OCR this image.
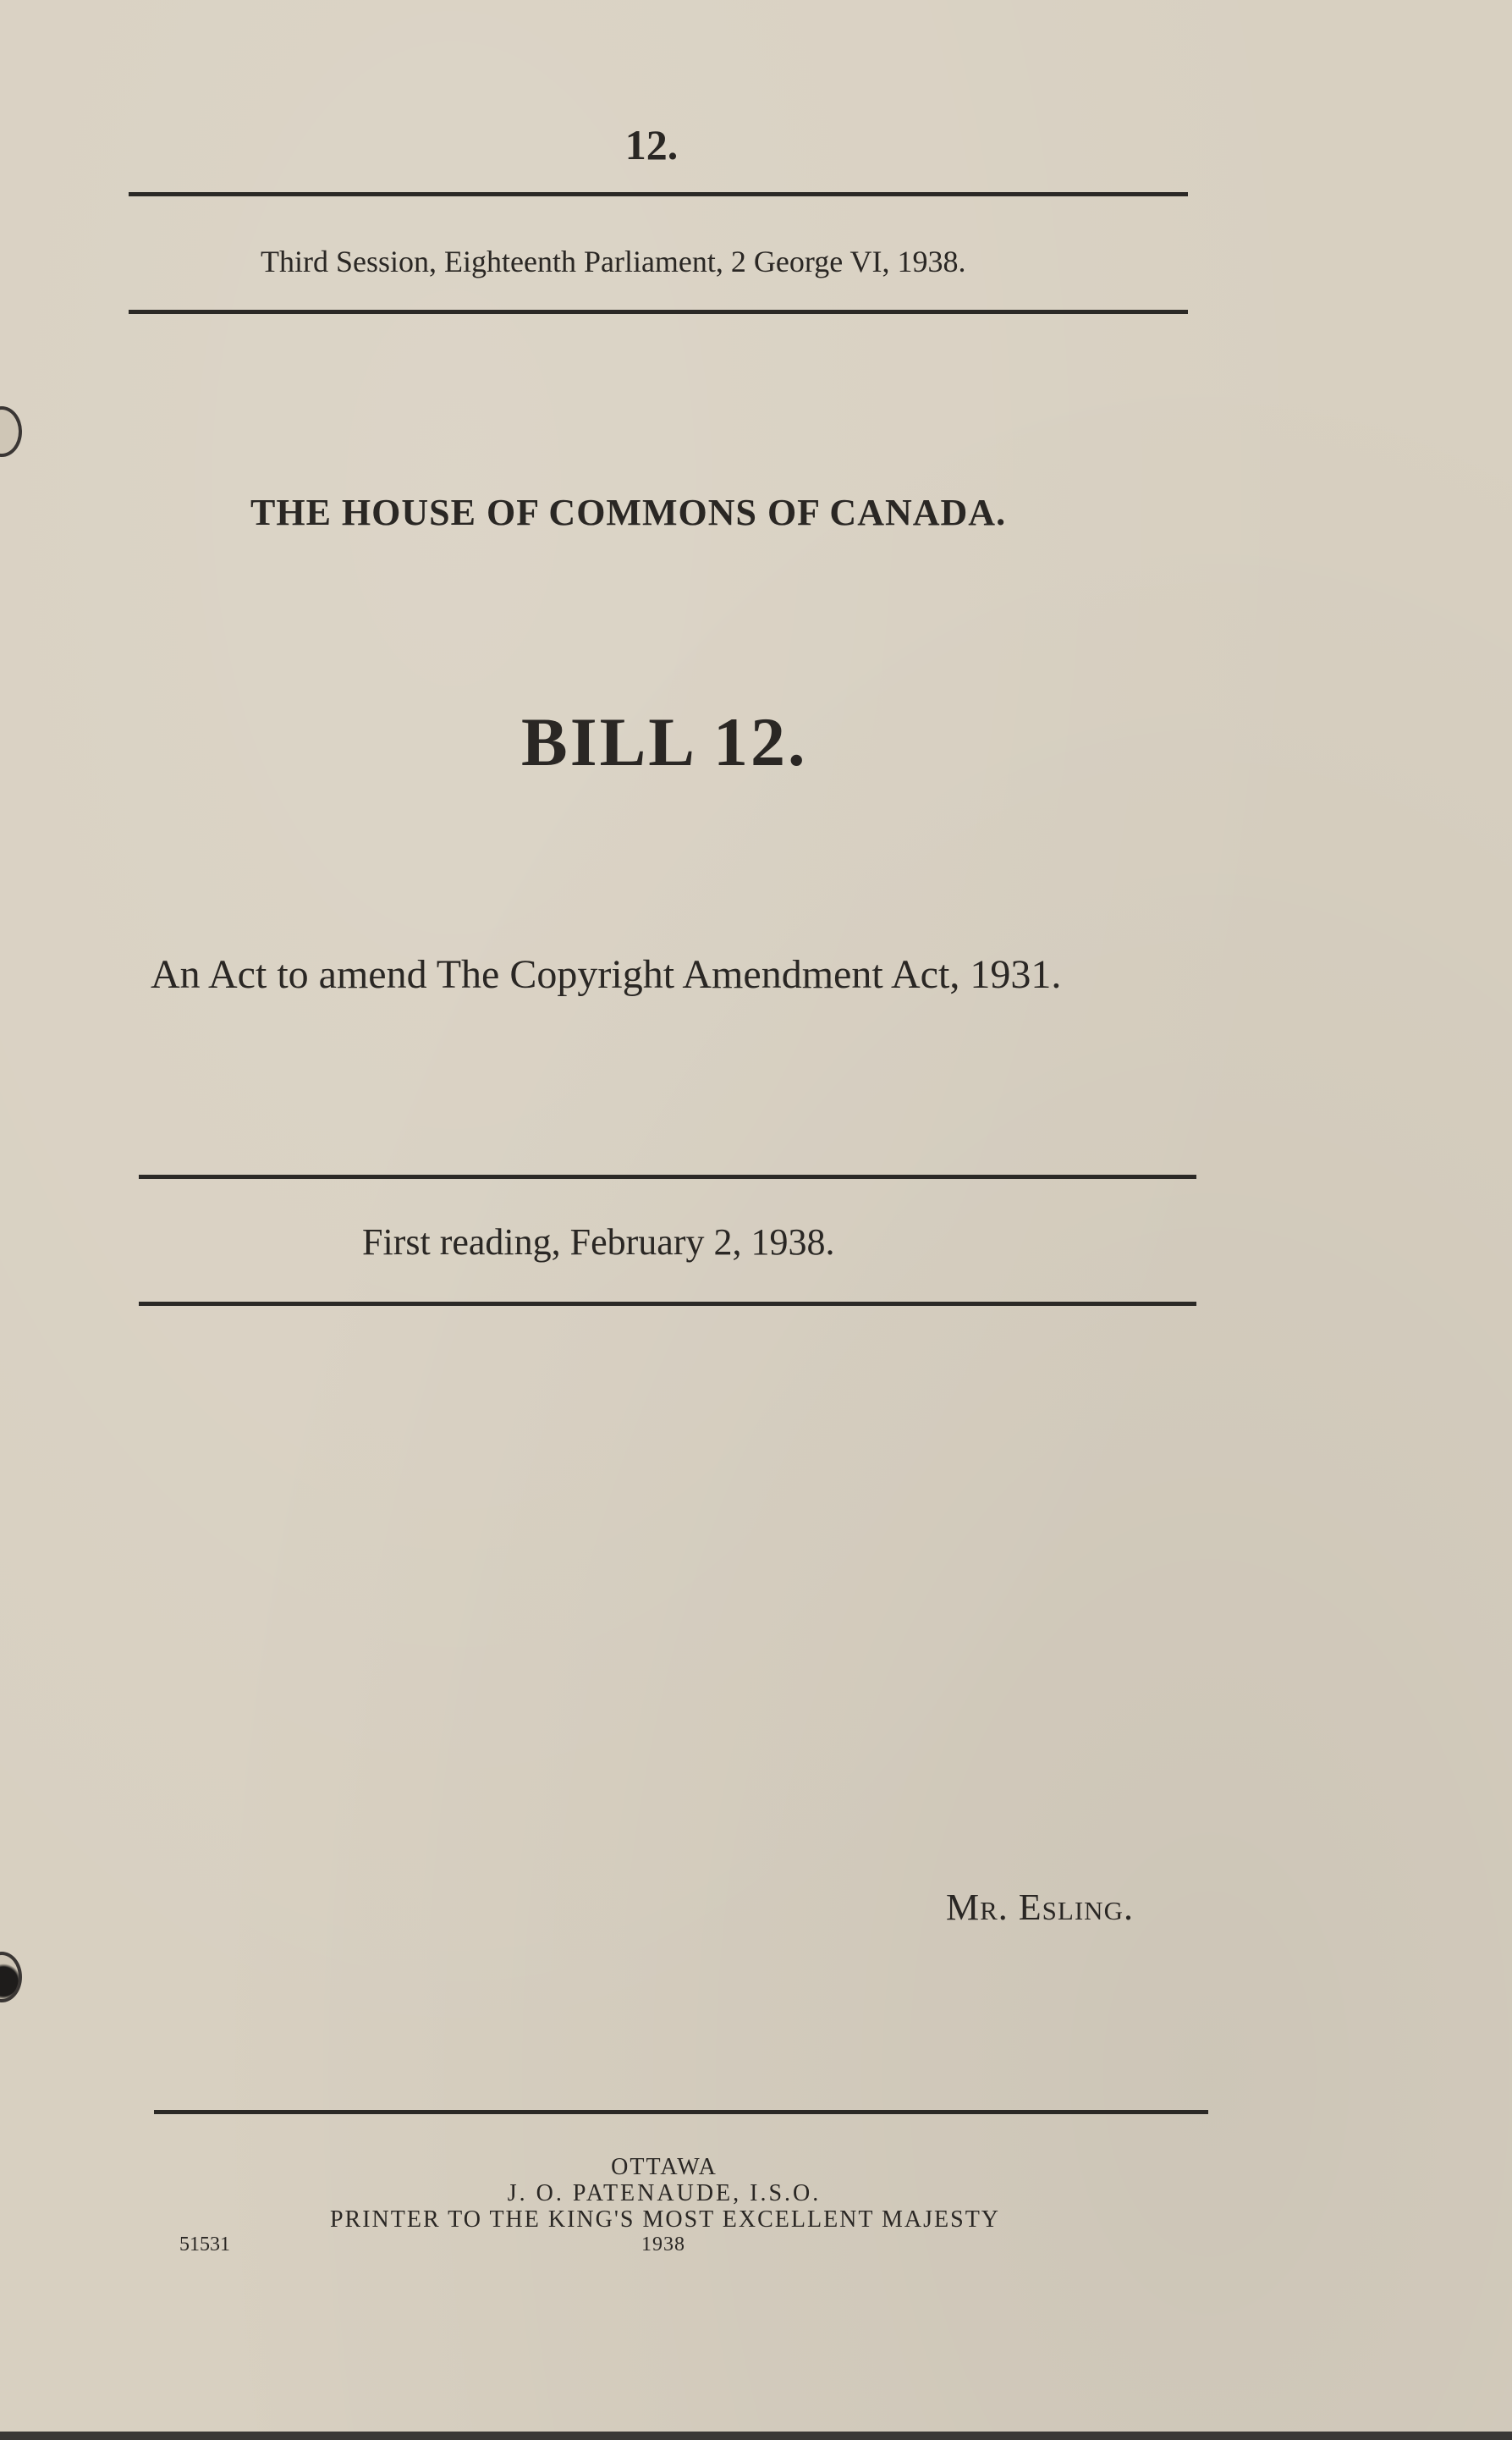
12.
Third Session, Eighteenth Parliament, 2 George VI, 1938.
THE HOUSE OF COMMONS OF CANADA.
BILL 12.
An Act to amend The Copyright Amendment Act, 1931.
First reading, February 2, 1938.
Mr. Esling.
OTTAWA
J. O. PATENAUDE, I.S.O.
PRINTER TO THE KING'S MOST EXCELLENT MAJESTY
1938
51531
